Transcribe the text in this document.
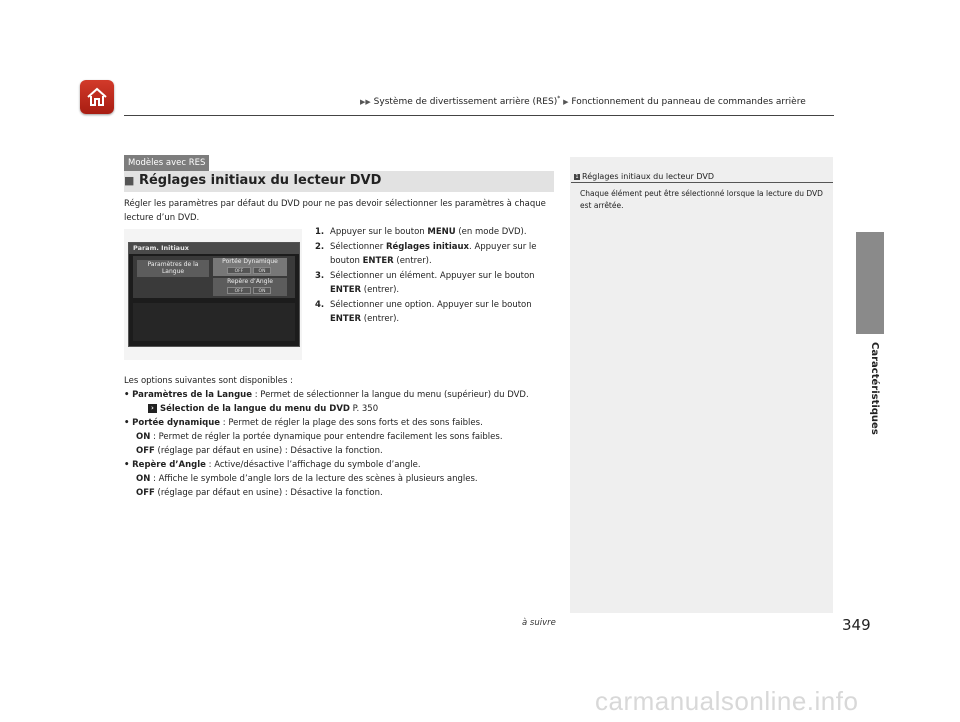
▶▶ Système de divertissement arrière (RES)* ▶ Fonctionnement du panneau de commandes arrière
Caractéristiques
Modèles avec RES
■ Réglages initiaux du lecteur DVD
Régler les paramètres par défaut du DVD pour ne pas devoir sélectionner les paramètres à chaque lecture d’un DVD.
Param. Initiaux
Paramètres de la Langue
Portée Dynamique
OFF	ON
Repère d’Angle
OFF	ON
1. Appuyer sur le bouton MENU (en mode DVD).
2. Sélectionner Réglages initiaux. Appuyer sur le bouton ENTER (entrer).
3. Sélectionner un élément. Appuyer sur le bouton ENTER (entrer).
4. Sélectionner une option. Appuyer sur le bouton ENTER (entrer).
Les options suivantes sont disponibles :
• Paramètres de la Langue : Permet de sélectionner la langue du menu (supérieur) du DVD.
› Sélection de la langue du menu du DVD P. 350
• Portée dynamique : Permet de régler la plage des sons forts et des sons faibles.
ON : Permet de régler la portée dynamique pour entendre facilement les sons faibles.
OFF (réglage par défaut en usine) : Désactive la fonction.
• Repère d’Angle : Active/désactive l’affichage du symbole d’angle.
ON : Affiche le symbole d’angle lors de la lecture des scènes à plusieurs angles.
OFF (réglage par défaut en usine) : Désactive la fonction.
1 Réglages initiaux du lecteur DVD
Chaque élément peut être sélectionné lorsque la lecture du DVD est arrêtée.
à suivre	349
carmanualsonline.info
